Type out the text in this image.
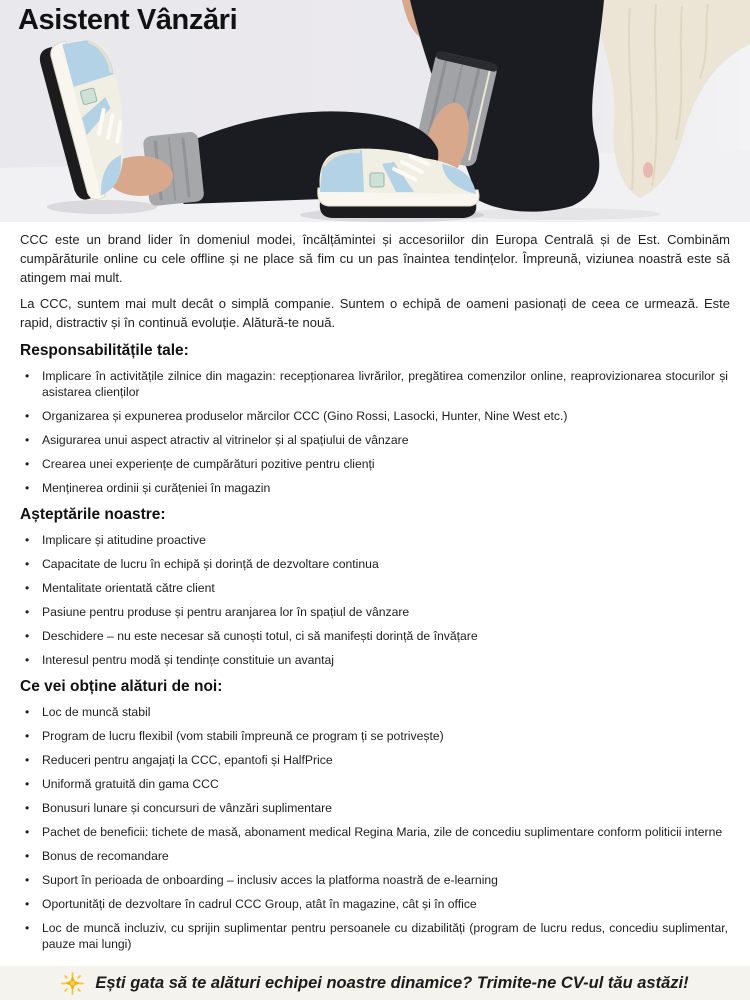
Asistent Vânzări

CCC este un brand lider în domeniul modei, încălțămintei și accesoriilor din Europa Centrală și de Est. Combinăm cumpărăturile online cu cele offline și ne place să fim cu un pas înaintea tendințelor. Împreună, viziunea noastră este să atingem mai mult.

La CCC, suntem mai mult decât o simplă companie. Suntem o echipă de oameni pasionați de ceea ce urmează. Este rapid, distractiv și în continuă evoluție. Alătură-te nouă.

Responsabilitățile tale:
• Implicare în activitățile zilnice din magazin: recepționarea livrărilor, pregătirea comenzilor online, reaprovizionarea stocurilor și asistarea clienților
• Organizarea și expunerea produselor mărcilor CCC (Gino Rossi, Lasocki, Hunter, Nine West etc.)
• Asigurarea unui aspect atractiv al vitrinelor și al spațiului de vânzare
• Crearea unei experiențe de cumpărături pozitive pentru clienți
• Menținerea ordinii și curățeniei în magazin
Așteptările noastre:
• Implicare și atitudine proactive
• Capacitate de lucru în echipă și dorință de dezvoltare continua
• Mentalitate orientată către client
• Pasiune pentru produse și pentru aranjarea lor în spațiul de vânzare
• Deschidere – nu este necesar să cunoști totul, ci să manifești dorință de învățare
• Interesul pentru modă și tendințe constituie un avantaj
Ce vei obține alături de noi:
• Loc de muncă stabil
• Program de lucru flexibil (vom stabili împreună ce program ți se potrivește)
• Reduceri pentru angajați la CCC, epantofi și HalfPrice
• Uniformă gratuită din gama CCC
• Bonusuri lunare și concursuri de vânzări suplimentare
• Pachet de beneficii: tichete de masă, abonament medical Regina Maria, zile de concediu suplimentare conform politicii interne
• Bonus de recomandare
• Suport în perioada de onboarding – inclusiv acces la platforma noastră de e-learning
• Oportunități de dezvoltare în cadrul CCC Group, atât în magazine, cât și în office
• Loc de muncă incluziv, cu sprijin suplimentar pentru persoanele cu dizabilități (program de lucru redus, concediu suplimentar, pauze mai lungi)
Ești gata să te alături echipei noastre dinamice? Trimite-ne CV-ul tău astăzi!
